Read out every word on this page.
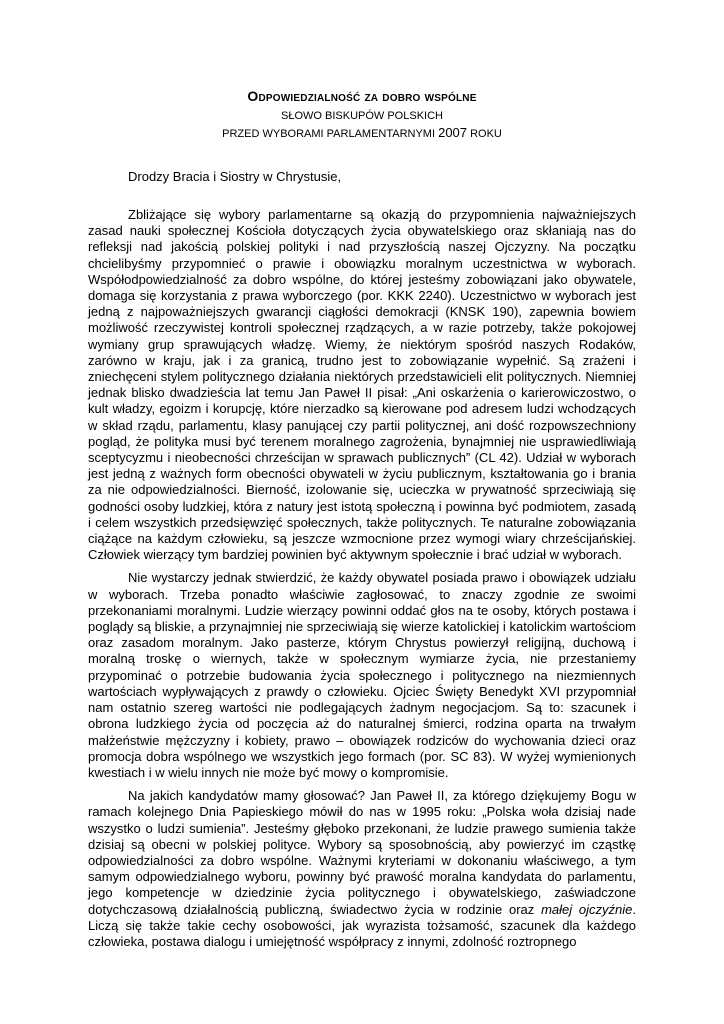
Odpowiedzialność za dobro wspólne
SŁOWO BISKUPÓW POLSKICH
PRZED WYBORAMI PARLAMENTARNYMI 2007 ROKU
Drodzy Bracia i Siostry w Chrystusie,

Zbliżające się wybory parlamentarne są okazją do przypomnienia najważniejszych zasad nauki społecznej Kościoła dotyczących życia obywatelskiego oraz skłaniają nas do refleksji nad jakością polskiej polityki i nad przyszłością naszej Ojczyzny. Na początku chcielibyśmy przypomnieć o prawie i obowiązku moralnym uczestnictwa w wyborach. Współodpowiedzialność za dobro wspólne, do której jesteśmy zobowiązani jako obywatele, domaga się korzystania z prawa wyborczego (por. KKK 2240). Uczestnictwo w wyborach jest jedną z najpoważniejszych gwarancji ciągłości demokracji (KNSK 190), zapewnia bowiem możliwość rzeczywistej kontroli społecznej rządzących, a w razie potrzeby, także pokojowej wymiany grup sprawujących władzę. Wiemy, że niektórym spośród naszych Rodaków, zarówno w kraju, jak i za granicą, trudno jest to zobowiązanie wypełnić. Są zrażeni i zniechęceni stylem politycznego działania niektórych przedstawicieli elit politycznych. Niemniej jednak blisko dwadzieścia lat temu Jan Paweł II pisał: „Ani oskarżenia o karierowiczostwo, o kult władzy, egoizm i korupcję, które nierzadko są kierowane pod adresem ludzi wchodzących w skład rządu, parlamentu, klasy panującej czy partii politycznej, ani dość rozpowszechniony pogląd, że polityka musi być terenem moralnego zagrożenia, bynajmniej nie usprawiedliwiają sceptycyzmu i nieobecności chrześcijan w sprawach publicznych” (CL 42). Udział w wyborach jest jedną z ważnych form obecności obywateli w życiu publicznym, kształtowania go i brania za nie odpowiedzialności. Bierność, izolowanie się, ucieczka w prywatność sprzeciwiają się godności osoby ludzkiej, która z natury jest istotą społeczną i powinna być podmiotem, zasadą i celem wszystkich przedsięwzięć społecznych, także politycznych. Te naturalne zobowiązania ciążące na każdym człowieku, są jeszcze wzmocnione przez wymogi wiary chrześcijańskiej. Człowiek wierzący tym bardziej powinien być aktywnym społecznie i brać udział w wyborach.

Nie wystarczy jednak stwierdzić, że każdy obywatel posiada prawo i obowiązek udziału w wyborach. Trzeba ponadto właściwie zagłosować, to znaczy zgodnie ze swoimi przekonaniami moralnymi. Ludzie wierzący powinni oddać głos na te osoby, których postawa i poglądy są bliskie, a przynajmniej nie sprzeciwiają się wierze katolickiej i katolickim wartościom oraz zasadom moralnym. Jako pasterze, którym Chrystus powierzył religijną, duchową i moralną troskę o wiernych, także w społecznym wymiarze życia, nie przestaniemy przypominać o potrzebie budowania życia społecznego i politycznego na niezmiennych wartościach wypływających z prawdy o człowieku. Ojciec Święty Benedykt XVI przypomniał nam ostatnio szereg wartości nie podlegających żadnym negocjacjom. Są to: szacunek i obrona ludzkiego życia od poczęcia aż do naturalnej śmierci, rodzina oparta na trwałym małżeństwie mężczyzny i kobiety, prawo – obowiązek rodziców do wychowania dzieci oraz promocja dobra wspólnego we wszystkich jego formach (por. SC 83). W wyżej wymienionych kwestiach i w wielu innych nie może być mowy o kompromisie.

Na jakich kandydatów mamy głosować? Jan Paweł II, za którego dziękujemy Bogu w ramach kolejnego Dnia Papieskiego mówił do nas w 1995 roku: „Polska woła dzisiaj nade wszystko o ludzi sumienia”. Jesteśmy głęboko przekonani, że ludzie prawego sumienia także dzisiaj są obecni w polskiej polityce. Wybory są sposobnością, aby powierzyć im cząstkę odpowiedzialności za dobro wspólne. Ważnymi kryteriami w dokonaniu właściwego, a tym samym odpowiedzialnego wyboru, powinny być prawość moralna kandydata do parlamentu, jego kompetencje w dziedzinie życia politycznego i obywatelskiego, zaświadczone dotychczasową działalnością publiczną, świadectwo życia w rodzinie oraz małej ojczyźnie. Liczą się także takie cechy osobowości, jak wyrazista tożsamość, szacunek dla każdego człowieka, postawa dialogu i umiejętność współpracy z innymi, zdolność roztropnego
